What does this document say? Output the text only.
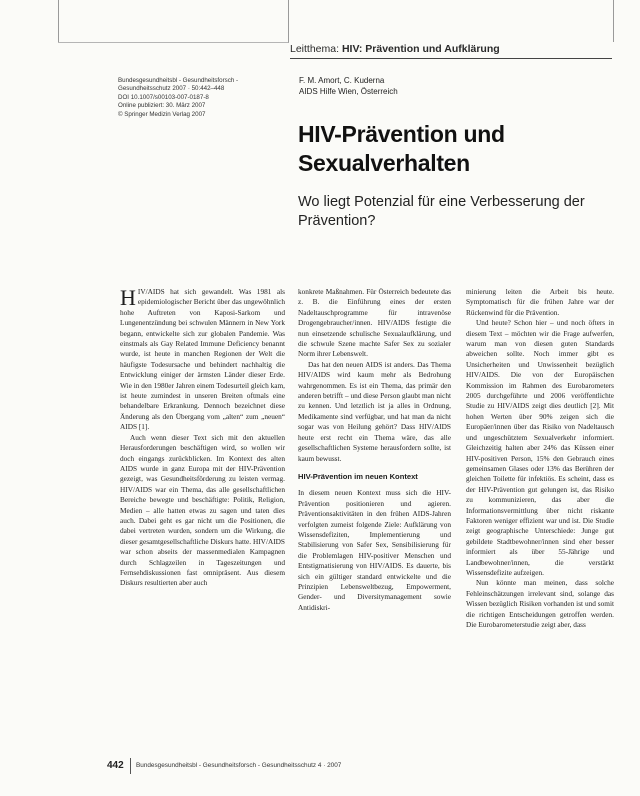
Leitthema: HIV: Prävention und Aufklärung
Bundesgesundheitsbl - Gesundheitsforsch -
Gesundheitsschutz 2007 · 50:442–448
DOI 10.1007/s00103-007-0187-8
Online publiziert: 30. März 2007
© Springer Medizin Verlag 2007
F. M. Amort, C. Kuderna
AIDS Hilfe Wien, Österreich
HIV-Prävention und Sexualverhalten
Wo liegt Potenzial für eine Verbesserung der Prävention?

HIV/AIDS hat sich gewandelt. Was 1981 als epidemiologischer Bericht über das ungewöhnlich hohe Auftreten von Kaposi-Sarkom und Lungenentzündung bei schwulen Männern in New York begann, entwickelte sich zur globalen Pandemie. Was einstmals als Gay Related Immune Deficiency benannt wurde, ist heute in manchen Regionen der Welt die häufigste Todesursache und behindert nachhaltig die Entwicklung einiger der ärmsten Länder dieser Erde. Wie in den 1980er Jahren einem Todesurteil gleich kam, ist heute zumindest in unseren Breiten oftmals eine behandelbare Erkrankung. Dennoch bezeichnet diese Änderung als den Übergang vom „alten“ zum „neuen“ AIDS [1].

Auch wenn dieser Text sich mit den aktuellen Herausforderungen beschäftigen wird, so wollen wir doch eingangs zurückblicken. Im Kontext des alten AIDS wurde in ganz Europa mit der HIV-Prävention gezeigt, was Gesundheitsförderung zu leisten vermag. HIV/AIDS war ein Thema, das alle gesellschaftlichen Bereiche bewegte und beschäftigte: Politik, Religion, Medien – alle hatten etwas zu sagen und taten dies auch. Dabei geht es gar nicht um die Positionen, die dabei vertreten wurden, sondern um die Wirkung, die dieser gesamtgesellschaftliche Diskurs hatte. HIV/AIDS war schon abseits der massenmedialen Kampagnen durch Schlagzeilen in Tageszeitungen und Fernsehdiskussionen fast omnipräsent. Aus diesem Diskurs resultierten aber auch

konkrete Maßnahmen. Für Österreich bedeutete das z. B. die Einführung eines der ersten Nadeltauschprogramme für intravenöse Drogengebraucher/innen. HIV/AIDS festigte die nun einsetzende schulische Sexualaufklärung, und die schwule Szene machte Safer Sex zu sozialer Norm ihrer Lebenswelt.

Das hat den neuen AIDS ist anders. Das Thema HIV/AIDS wird kaum mehr als Bedrohung wahrgenommen. Es ist ein Thema, das primär den anderen betrifft – und diese Person glaubt man nicht zu kennen. Und letztlich ist ja alles in Ordnung, Medikamente sind verfügbar, und hat man da nicht sogar was von Heilung gehört? Dass HIV/AIDS heute erst recht ein Thema wäre, das alle gesellschaftlichen Systeme herausfordern sollte, ist kaum bewusst.

HIV-Prävention im neuen Kontext

In diesem neuen Kontext muss sich die HIV-Prävention positionieren und agieren. Präventionsaktivitäten in den frühen AIDS-Jahren verfolgten zumeist folgende Ziele: Aufklärung von Wissensdefiziten, Implementierung und Stabilisierung von Safer Sex, Sensibilisierung für die Problemlagen HIV-positiver Menschen und Entstigmatisierung von HIV/AIDS. Es dauerte, bis sich ein gültiger standard entwickelte und die Prinzipien Lebensweltbezug, Empowerment, Gender- und Diversitymanagement sowie Antidiskri-

minierung leiten die Arbeit bis heute. Symptomatisch für die frühen Jahre war der Rückenwind für die Prävention.

Und heute? Schon hier – und noch öfters in diesem Text – möchten wir die Frage aufwerfen, warum man von diesen guten Standards abweichen sollte. Noch immer gibt es Unsicherheiten und Unwissenheit bezüglich HIV/AIDS. Die von der Europäischen Kommission im Rahmen des Eurobarometers 2005 durchgeführte und 2006 veröffentlichte Studie zu HIV/AIDS zeigt dies deutlich [2]. Mit hohen Werten über 90% zeigen sich die Europäer/innen über das Risiko von Nadeltausch und ungeschütztem Sexualverkehr informiert. Gleichzeitig halten aber 24% das Küssen einer HIV-positiven Person, 15% den Gebrauch eines gemeinsamen Glases oder 13% das Berühren der gleichen Toilette für infektiös. Es scheint, dass es der HIV-Prävention gut gelungen ist, das Risiko zu kommunizieren, das aber die Informationsvermittlung über nicht riskante Faktoren weniger effizient war und ist. Die Studie zeigt geographische Unterschiede: Junge gut gebildete Stadtbewohner/innen sind eher besser informiert als über 55-Jährige und Landbewohner/innen, die verstärkt Wissensdefizite aufzeigen.

Nun könnte man meinen, dass solche Fehleinschätzungen irrelevant sind, solange das Wissen bezüglich Risiken vorhanden ist und somit die richtigen Entscheidungen getroffen werden. Die Eurobarometerstudie zeigt aber, dass

442 Bundesgesundheitsbl - Gesundheitsforsch - Gesundheitsschutz 4 · 2007
